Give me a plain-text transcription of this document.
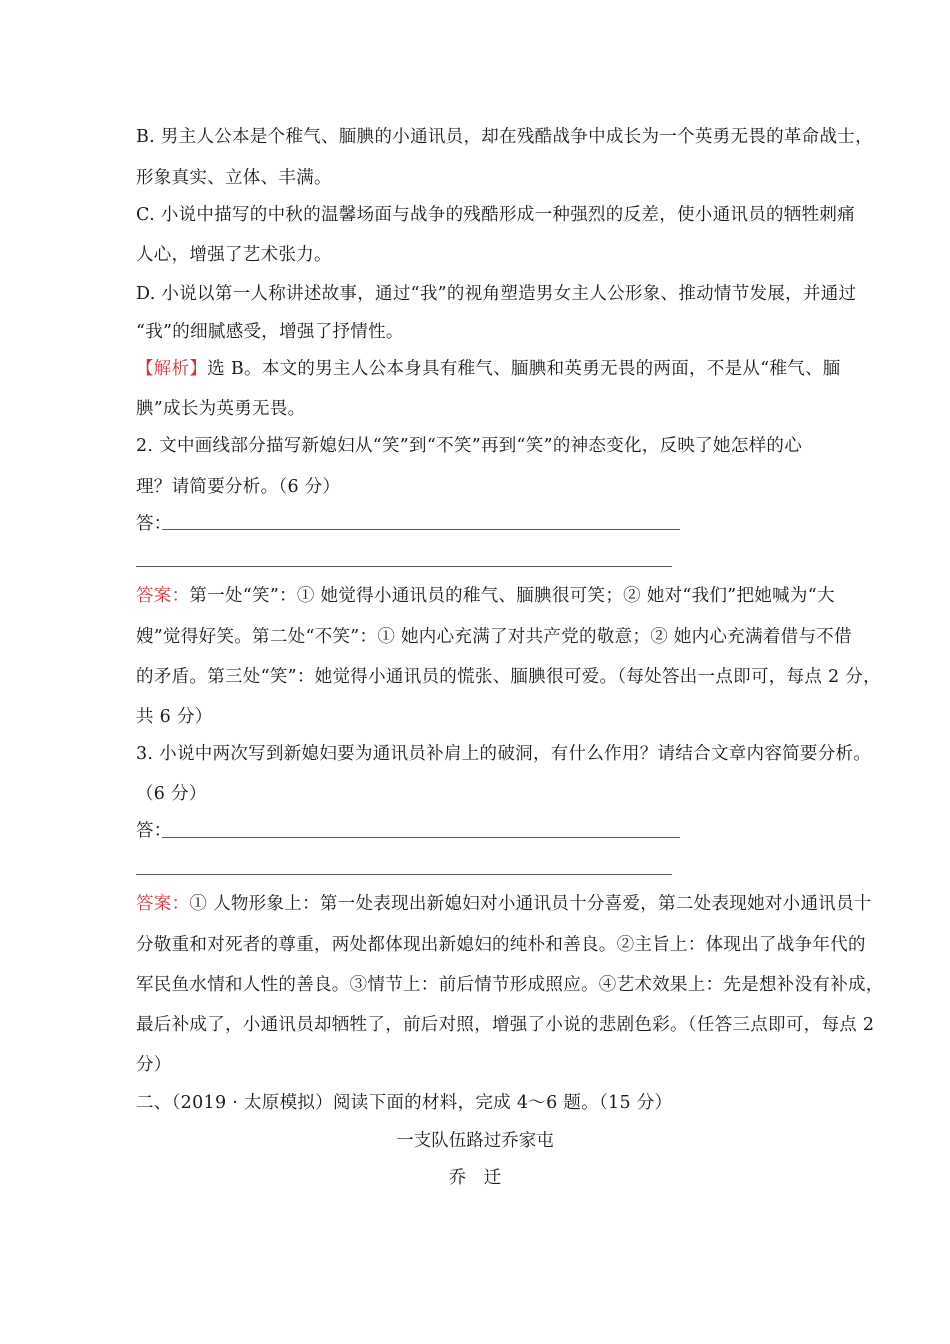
B. 男主人公本是个稚气、腼腆的小通讯员，却在残酷战争中成长为一个英勇无畏的革命战士，
形象真实、立体、丰满。
C. 小说中描写的中秋的温馨场面与战争的残酷形成一种强烈的反差，使小通讯员的牺牲刺痛
人心，增强了艺术张力。
D. 小说以第一人称讲述故事，通过“我”的视角塑造男女主人公形象、推动情节发展，并通过
“我”的细腻感受，增强了抒情性。
【解析】选 B。本文的男主人公本身具有稚气、腼腆和英勇无畏的两面，不是从“稚气、腼
腆”成长为英勇无畏。
2. 文中画线部分描写新媳妇从“笑”到“不笑”再到“笑”的神态变化，反映了她怎样的心
理？请简要分析。（6 分）
答：
答案：第一处“笑”：① 她觉得小通讯员的稚气、腼腆很可笑；② 她对“我们”把她喊为“大
嫂”觉得好笑。第二处“不笑”：① 她内心充满了对共产党的敬意；② 她内心充满着借与不借
的矛盾。第三处“笑”：她觉得小通讯员的慌张、腼腆很可爱。（每处答出一点即可，每点 2 分，
共 6 分）
3. 小说中两次写到新媳妇要为通讯员补肩上的破洞，有什么作用？请结合文章内容简要分析。
（6 分）
答：
答案：① 人物形象上：第一处表现出新媳妇对小通讯员十分喜爱，第二处表现她对小通讯员十
分敬重和对死者的尊重，两处都体现出新媳妇的纯朴和善良。②主旨上：体现出了战争年代的
军民鱼水情和人性的善良。③情节上：前后情节形成照应。④艺术效果上：先是想补没有补成，
最后补成了，小通讯员却牺牲了，前后对照，增强了小说的悲剧色彩。（任答三点即可，每点 2
分）
二、（2019 · 太原模拟）阅读下面的材料，完成 4～6 题。（15 分）
一支队伍路过乔家屯
乔　迁
